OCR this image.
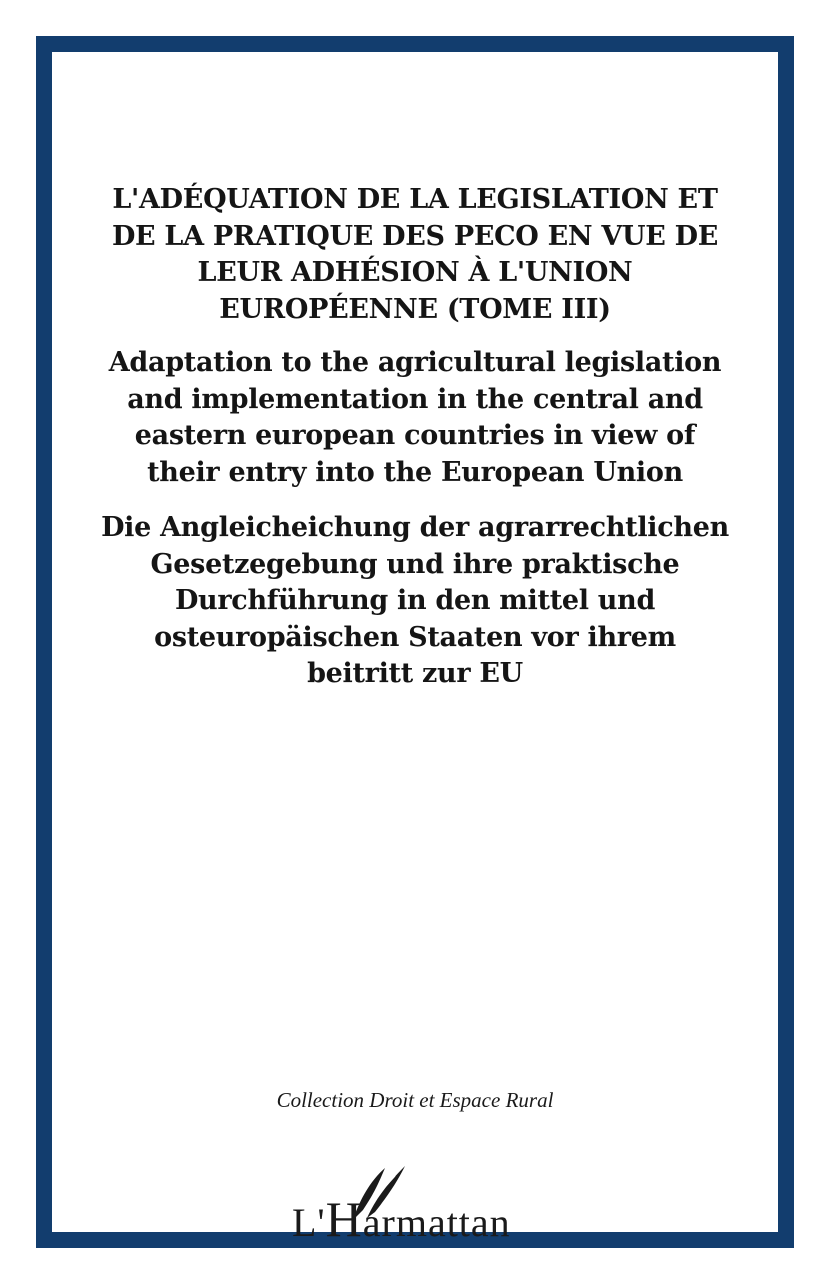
L'ADÉQUATION DE LA LEGISLATION ET
DE LA PRATIQUE DES PECO EN VUE DE
LEUR ADHÉSION À L'UNION
EUROPÉENNE (TOME III)
Adaptation to the agricultural legislation
and implementation in the central and
eastern european countries in view of
their entry into the European Union
Die Angleicheichung der agrarrechtlichen
Gesetzegebung und ihre praktische
Durchführung in den mittel und
osteuropäischen Staaten vor ihrem
beitritt zur EU
Collection Droit et Espace Rural
L'Harmattan
